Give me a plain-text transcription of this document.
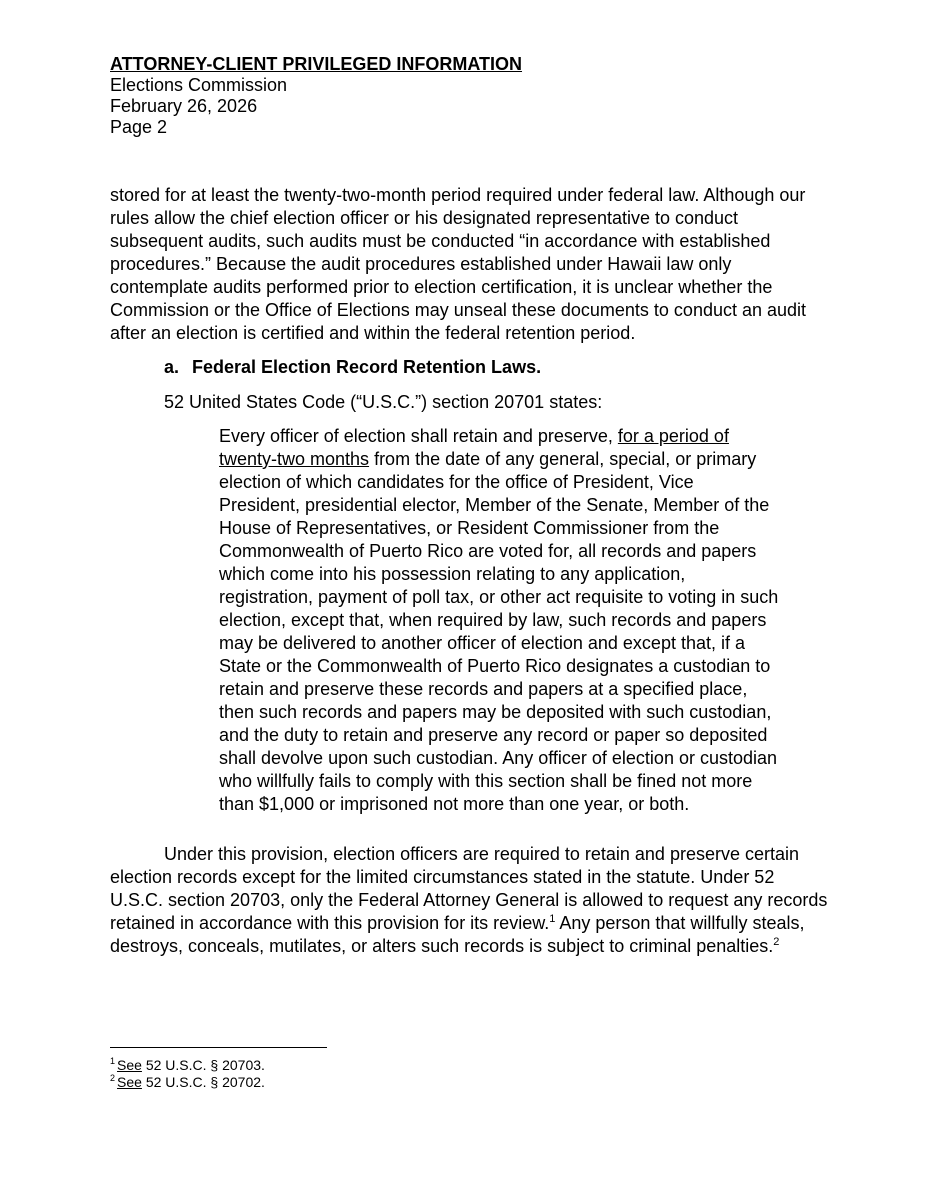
ATTORNEY-CLIENT PRIVILEGED INFORMATION
Elections Commission
February 26, 2026
Page 2
stored for at least the twenty-two-month period required under federal law. Although our rules allow the chief election officer or his designated representative to conduct subsequent audits, such audits must be conducted “in accordance with established procedures.” Because the audit procedures established under Hawaii law only contemplate audits performed prior to election certification, it is unclear whether the Commission or the Office of Elections may unseal these documents to conduct an audit after an election is certified and within the federal retention period.
a. Federal Election Record Retention Laws.
52 United States Code (“U.S.C.”) section 20701 states:
Every officer of election shall retain and preserve, for a period of twenty-two months from the date of any general, special, or primary election of which candidates for the office of President, Vice President, presidential elector, Member of the Senate, Member of the House of Representatives, or Resident Commissioner from the Commonwealth of Puerto Rico are voted for, all records and papers which come into his possession relating to any application, registration, payment of poll tax, or other act requisite to voting in such election, except that, when required by law, such records and papers may be delivered to another officer of election and except that, if a State or the Commonwealth of Puerto Rico designates a custodian to retain and preserve these records and papers at a specified place, then such records and papers may be deposited with such custodian, and the duty to retain and preserve any record or paper so deposited shall devolve upon such custodian. Any officer of election or custodian who willfully fails to comply with this section shall be fined not more than $1,000 or imprisoned not more than one year, or both.
Under this provision, election officers are required to retain and preserve certain election records except for the limited circumstances stated in the statute. Under 52 U.S.C. section 20703, only the Federal Attorney General is allowed to request any records retained in accordance with this provision for its review.$^1$ Any person that willfully steals, destroys, conceals, mutilates, or alters such records is subject to criminal penalties.$^2$
$^1$ See 52 U.S.C. § 20703.
$^2$ See 52 U.S.C. § 20702.
